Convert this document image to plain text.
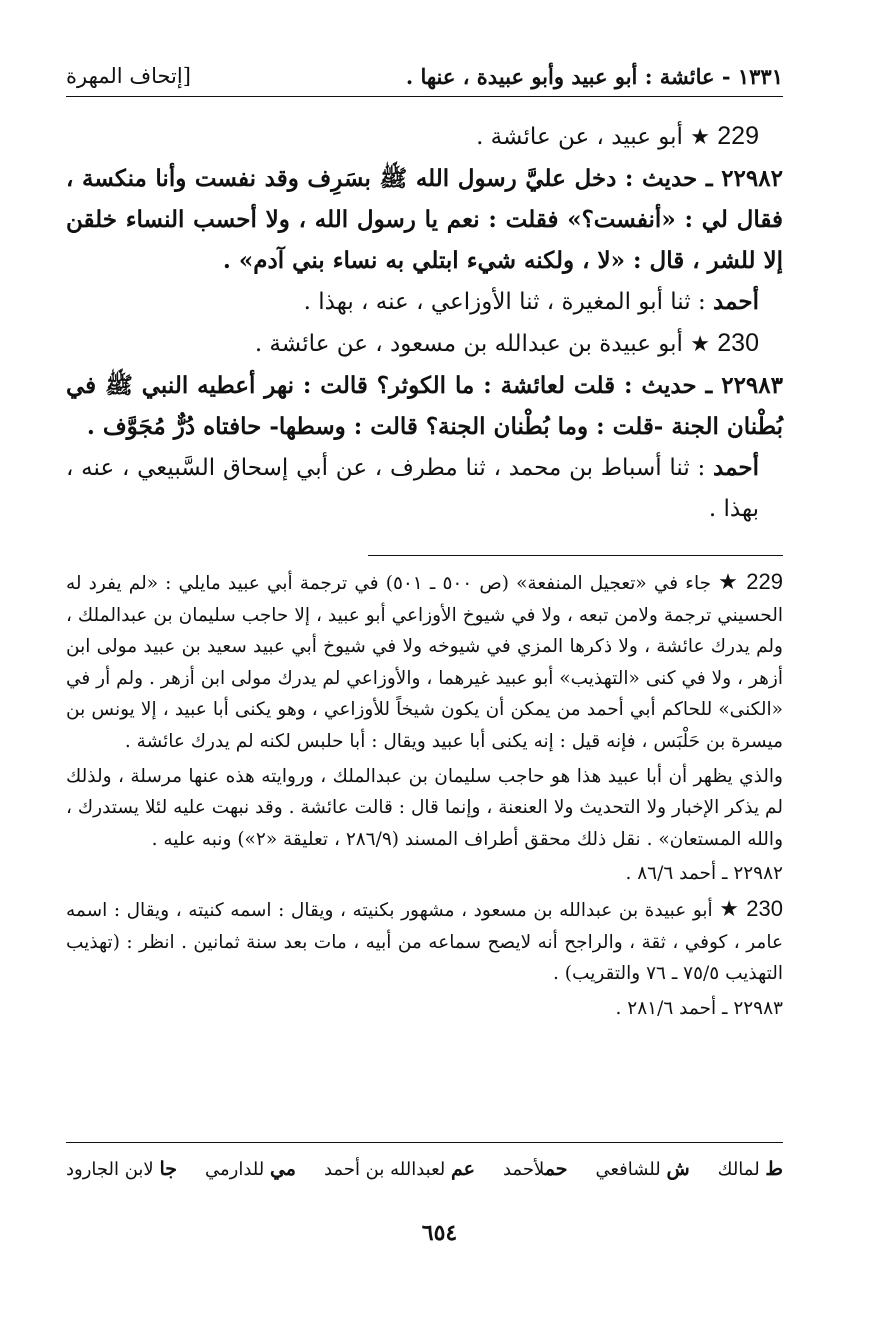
١٣٣١ - عائشة : أبو عبيد وأبو عبيدة ، عنها .
[إتحاف المهرة

229 ★ أبو عبيد ، عن عائشة .

٢٢٩٨٢ ـ حديث : دخل عليَّ رسول الله ﷺ بسَرِف وقد نفست وأنا منكسة ، فقال لي : «أنفست؟» فقلت : نعم يا رسول الله ، ولا أحسب النساء خلقن إلا للشر ، قال : «لا ، ولكنه شيء ابتلي به نساء بني آدم» .

أحمد : ثنا أبو المغيرة ، ثنا الأوزاعي ، عنه ، بهذا .

230 ★ أبو عبيدة بن عبدالله بن مسعود ، عن عائشة .

٢٢٩٨٣ ـ حديث : قلت لعائشة : ما الكوثر؟ قالت : نهر أعطيه النبي ﷺ في بُطْنان الجنة -قلت : وما بُطْنان الجنة؟ قالت : وسطها- حافتاه دُرٌّ مُجَوَّف .

أحمد : ثنا أسباط بن محمد ، ثنا مطرف ، عن أبي إسحاق السَّبيعي ، عنه ، بهذا .

229 ★ جاء في «تعجيل المنفعة» (ص ٥٠٠ ـ ٥٠١) في ترجمة أبي عبيد مايلي : «لم يفرد له الحسيني ترجمة ولامن تبعه ، ولا في شيوخ الأوزاعي أبو عبيد ، إلا حاجب سليمان بن عبدالملك ، ولم يدرك عائشة ، ولا ذكرها المزي في شيوخه ولا في شيوخ أبي عبيد سعيد بن عبيد مولى ابن أزهر ، ولا في كنى «التهذيب» أبو عبيد غيرهما ، والأوزاعي لم يدرك مولى ابن أزهر . ولم أر في «الكنى» للحاكم أبي أحمد من يمكن أن يكون شيخاً للأوزاعي ، وهو يكنى أبا عبيد ، إلا يونس بن ميسرة بن حَلْبَس ، فإنه قيل : إنه يكنى أبا عبيد ويقال : أبا حلبس لكنه لم يدرك عائشة .

والذي يظهر أن أبا عبيد هذا هو حاجب سليمان بن عبدالملك ، وروايته هذه عنها مرسلة ، ولذلك لم يذكر الإخبار ولا التحديث ولا العنعنة ، وإنما قال : قالت عائشة . وقد نبهت عليه لئلا يستدرك ، والله المستعان» . نقل ذلك محقق أطراف المسند (٢٨٦/٩ ، تعليقة «٢») ونبه عليه .

٢٢٩٨٢ ـ أحمد ٨٦/٦ .

230 ★ أبو عبيدة بن عبدالله بن مسعود ، مشهور بكنيته ، ويقال : اسمه كنيته ، ويقال : اسمه عامر ، كوفي ، ثقة ، والراجح أنه لايصح سماعه من أبيه ، مات بعد سنة ثمانين . انظر : (تهذيب التهذيب ٧٥/٥ ـ ٧٦ والتقريب) .

٢٢٩٨٣ ـ أحمد ٢٨١/٦ .

ط لمالك
ش للشافعي
حملأحمد
عم لعبدالله بن أحمد
مي للدارمي
جا لابن الجارود
٦٥٤
